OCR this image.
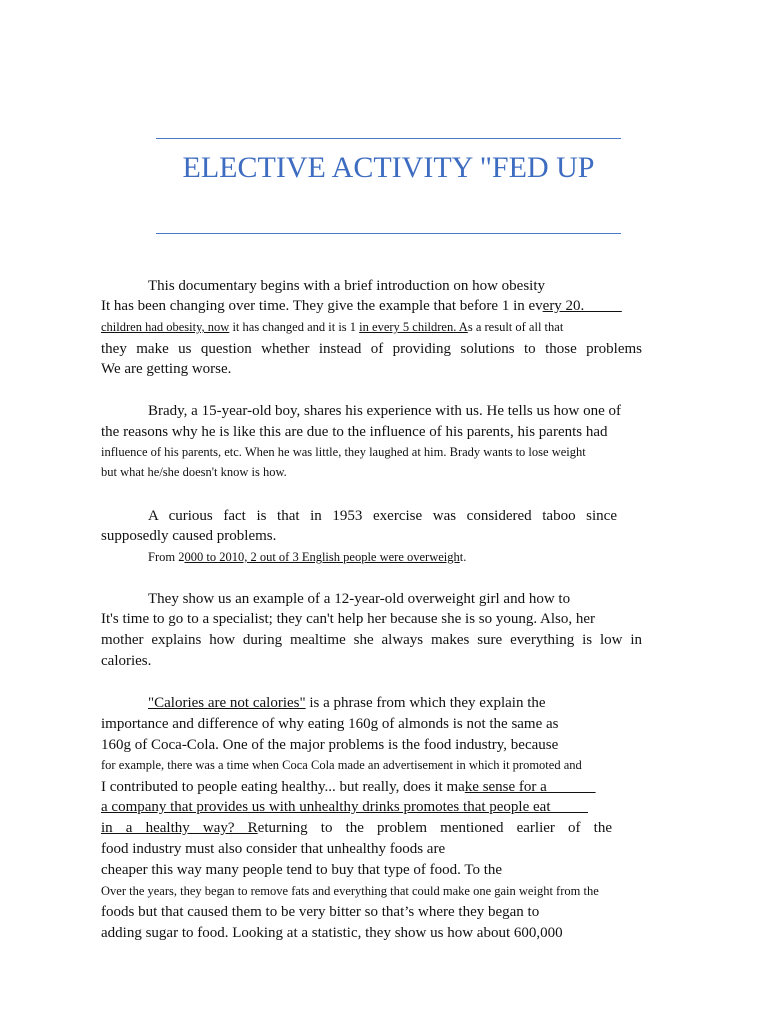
ELECTIVE ACTIVITY "FED UP
This documentary begins with a brief introduction on how obesity
It has been changing over time. They give the example that before 1 in every 20.
children had obesity, now it has changed and it is 1 in every 5 children. As a result of all that
they make us question whether instead of providing solutions to those problems
We are getting worse.
Brady, a 15-year-old boy, shares his experience with us. He tells us how one of
the reasons why he is like this are due to the influence of his parents, his parents had
influence of his parents, etc. When he was little, they laughed at him. Brady wants to lose weight
but what he/she doesn't know is how.
A curious fact is that in 1953 exercise was considered taboo since
supposedly caused problems.
From 2000 to 2010, 2 out of 3 English people were overweight.
They show us an example of a 12-year-old overweight girl and how to
It's time to go to a specialist; they can't help her because she is so young. Also, her
mother explains how during mealtime she always makes sure everything is low in
calories.
"Calories are not calories" is a phrase from which they explain the
importance and difference of why eating 160g of almonds is not the same as
160g of Coca-Cola. One of the major problems is the food industry, because
for example, there was a time when Coca Cola made an advertisement in which it promoted and
I contributed to people eating healthy... but really, does it make sense for a
a company that provides us with unhealthy drinks promotes that people eat
in a healthy way? Returning to the problem mentioned earlier of the
food industry must also consider that unhealthy foods are
cheaper this way many people tend to buy that type of food. To the
Over the years, they began to remove fats and everything that could make one gain weight from the
foods but that caused them to be very bitter so that’s where they began to
adding sugar to food. Looking at a statistic, they show us how about 600,000
